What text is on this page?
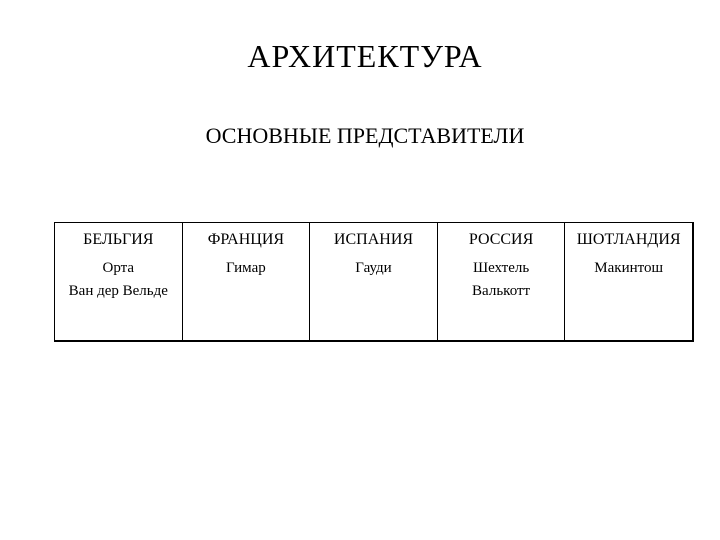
АРХИТЕКТУРА
ОСНОВНЫЕ ПРЕДСТАВИТЕЛИ
БЕЛЬГИЯ
Орта
Ван дер Вельде
ФРАНЦИЯ
Гимар
ИСПАНИЯ
Гауди
РОССИЯ
Шехтель
Валькотт
ШОТЛАНДИЯ
Макинтош
